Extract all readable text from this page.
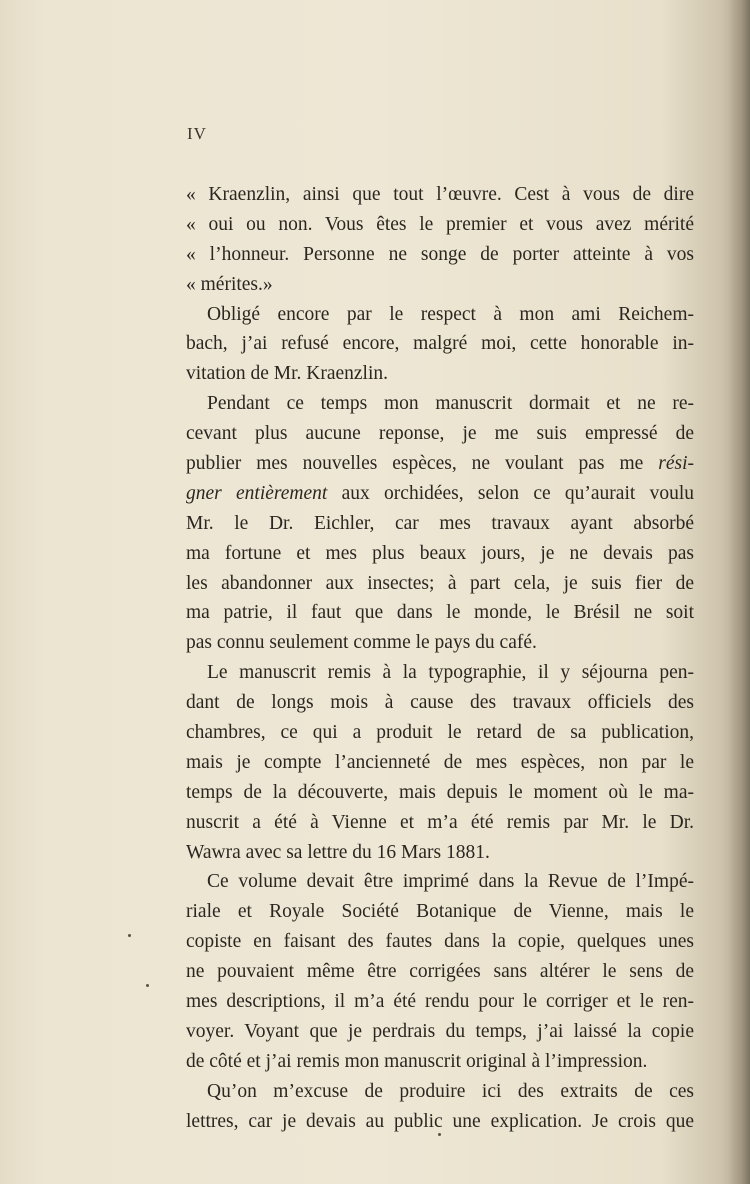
IV
« Kraenzlin, ainsi que tout l’œuvre. Cest à vous de dire
« oui ou non. Vous êtes le premier et vous avez mérité
« l’honneur. Personne ne songe de porter atteinte à vos
« mérites.»
Obligé encore par le respect à mon ami Reichem-
bach, j’ai refusé encore, malgré moi, cette honorable in-
vitation de Mr. Kraenzlin.
Pendant ce temps mon manuscrit dormait et ne re-
cevant plus aucune reponse, je me suis empressé de
publier mes nouvelles espèces, ne voulant pas me rési-
gner entièrement aux orchidées, selon ce qu’aurait voulu
Mr. le Dr. Eichler, car mes travaux ayant absorbé
ma fortune et mes plus beaux jours, je ne devais pas
les abandonner aux insectes; à part cela, je suis fier de
ma patrie, il faut que dans le monde, le Brésil ne soit
pas connu seulement comme le pays du café.
Le manuscrit remis à la typographie, il y séjourna pen-
dant de longs mois à cause des travaux officiels des
chambres, ce qui a produit le retard de sa publication,
mais je compte l’ancienneté de mes espèces, non par le
temps de la découverte, mais depuis le moment où le ma-
nuscrit a été à Vienne et m’a été remis par Mr. le Dr.
Wawra avec sa lettre du 16 Mars 1881.
Ce volume devait être imprimé dans la Revue de l’Impé-
riale et Royale Société Botanique de Vienne, mais le
copiste en faisant des fautes dans la copie, quelques unes
ne pouvaient même être corrigées sans altérer le sens de
mes descriptions, il m’a été rendu pour le corriger et le ren-
voyer. Voyant que je perdrais du temps, j’ai laissé la copie
de côté et j’ai remis mon manuscrit original à l’impression.
Qu’on m’excuse de produire ici des extraits de ces
lettres, car je devais au public une explication. Je crois que
